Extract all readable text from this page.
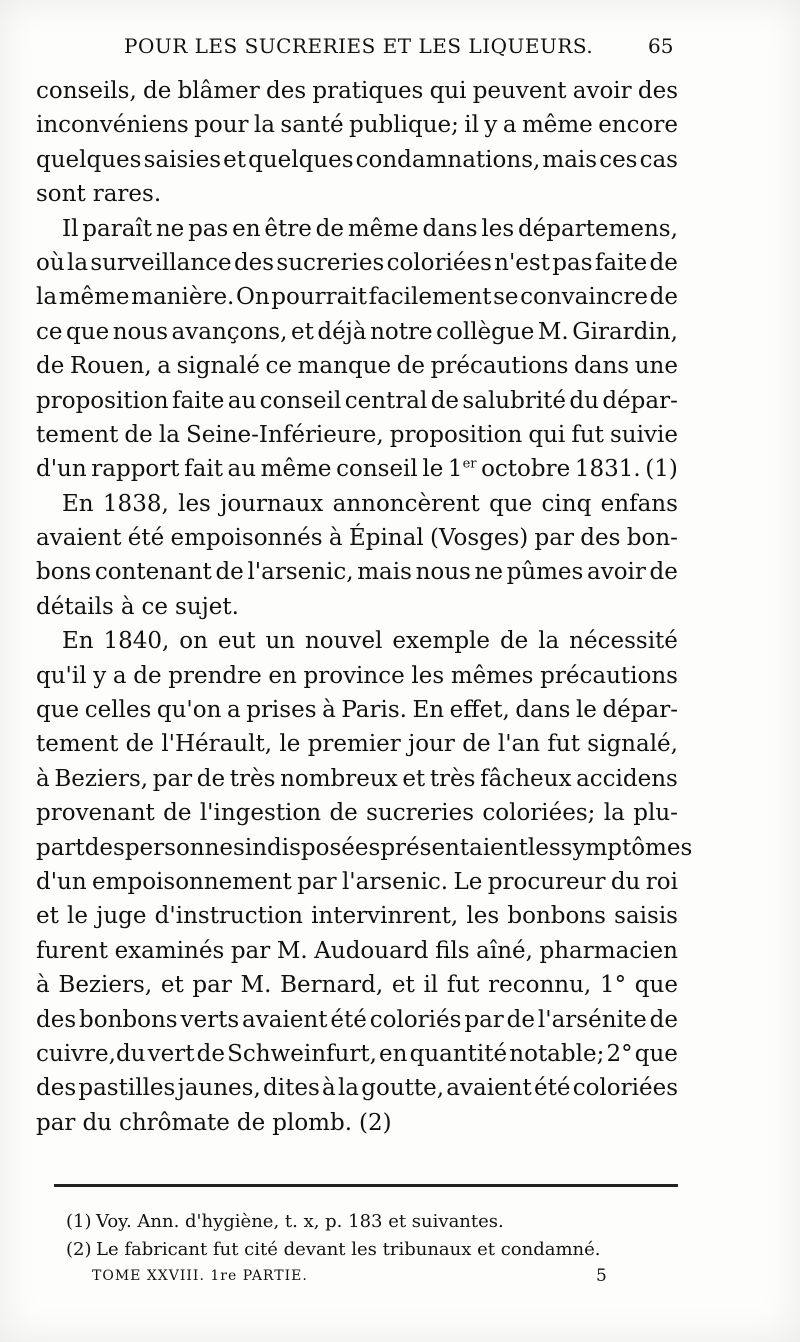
POUR LES SUCRERIES ET LES LIQUEURS.	65
conseils, de blâmer des pratiques qui peuvent avoir des
inconvéniens pour la santé publique; il y a même encore
quelques saisies et quelques condamnations, mais ces cas
sont rares.
Il paraît ne pas en être de même dans les départemens,
où la surveillance des sucreries coloriées n'est pas faite de
la même manière. On pourrait facilement se convaincre de
ce que nous avançons, et déjà notre collègue M. Girardin,
de Rouen, a signalé ce manque de précautions dans une
proposition faite au conseil central de salubrité du dépar-
tement de la Seine-Inférieure, proposition qui fut suivie
d'un rapport fait au même conseil le 1er octobre 1831. (1)
En 1838, les journaux annoncèrent que cinq enfans
avaient été empoisonnés à Épinal (Vosges) par des bon-
bons contenant de l'arsenic, mais nous ne pûmes avoir de
détails à ce sujet.
En 1840, on eut un nouvel exemple de la nécessité
qu'il y a de prendre en province les mêmes précautions
que celles qu'on a prises à Paris. En effet, dans le dépar-
tement de l'Hérault, le premier jour de l'an fut signalé,
à Beziers, par de très nombreux et très fâcheux accidens
provenant de l'ingestion de sucreries coloriées; la plu-
part des personnes indisposées présentaient les symptômes
d'un empoisonnement par l'arsenic. Le procureur du roi
et le juge d'instruction intervinrent, les bonbons saisis
furent examinés par M. Audouard fils aîné, pharmacien
à Beziers, et par M. Bernard, et il fut reconnu, 1° que
des bonbons verts avaient été coloriés par de l'arsénite de
cuivre,du vert de Schweinfurt, en quantité notable; 2° que
des pastilles jaunes, dites à la goutte, avaient été coloriées
par du chrômate de plomb. (2)
(1) Voy. Ann. d'hygiène, t. x, p. 183 et suivantes.
(2) Le fabricant fut cité devant les tribunaux et condamné.
TOME XXVIII. 1re PARTIE.	5
